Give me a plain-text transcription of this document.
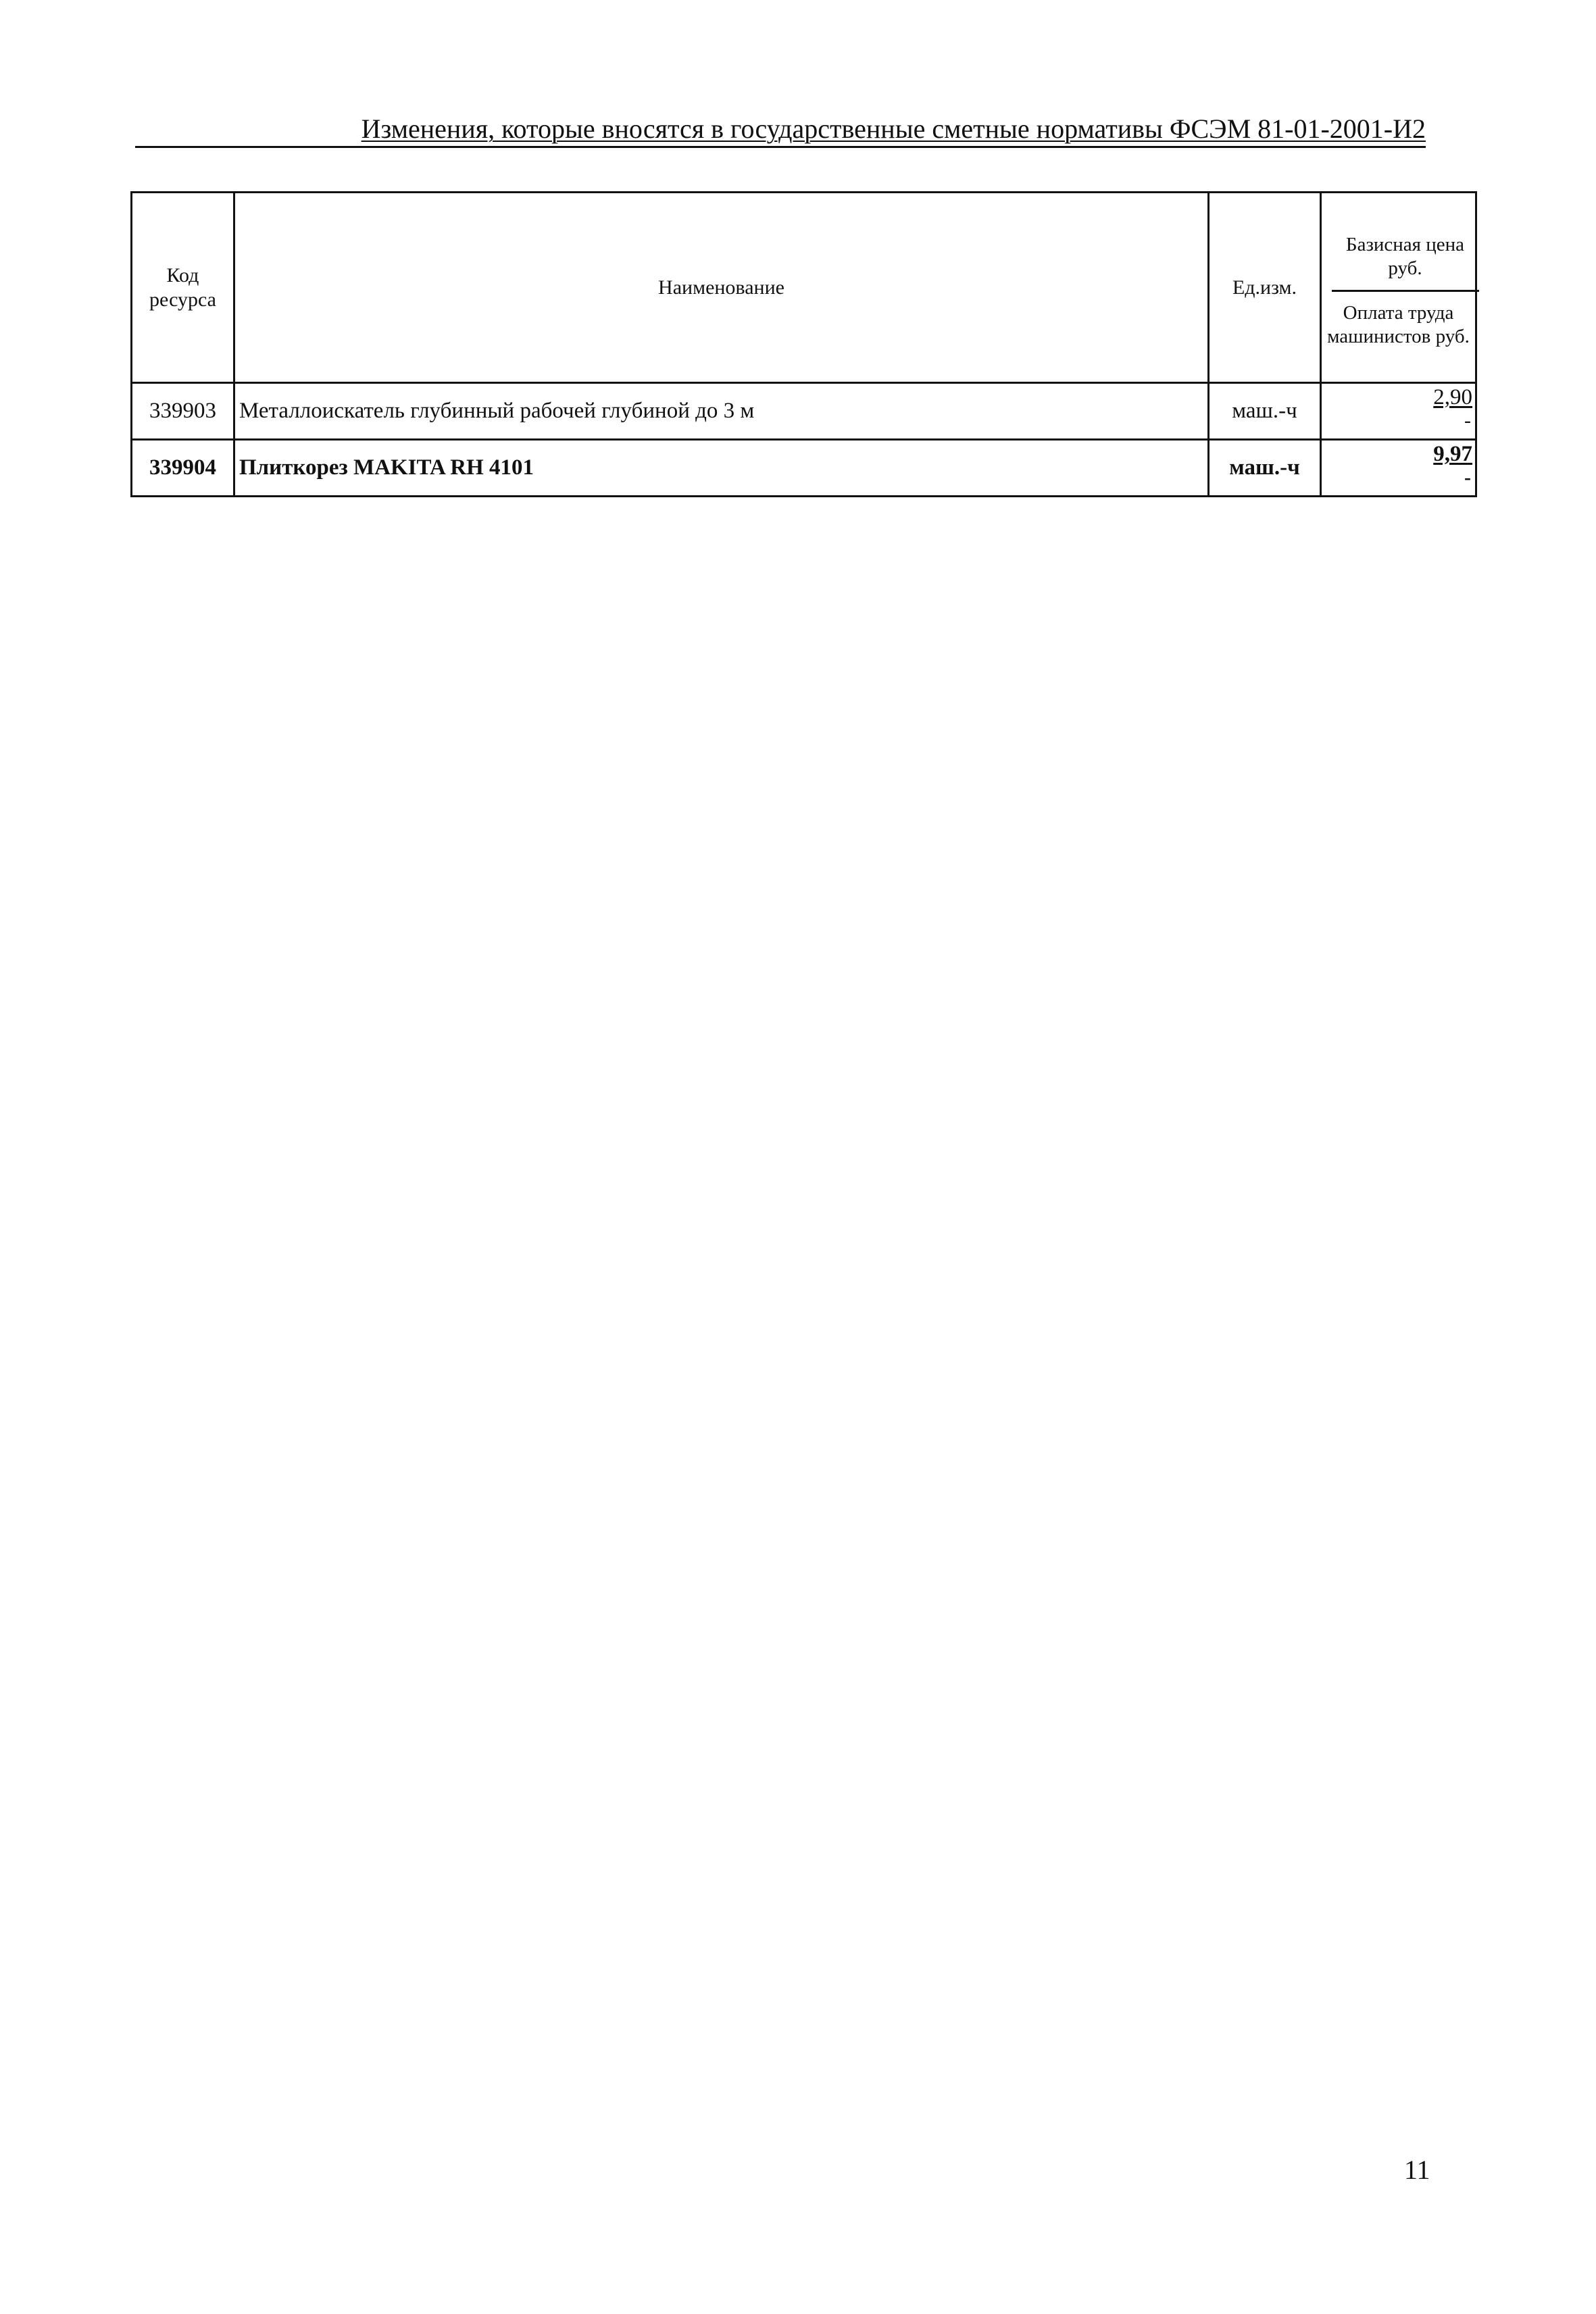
Изменения, которые вносятся в государственные сметные нормативы ФСЭМ 81-01-2001-И2
Код ресурса	Наименование	Ед.изм.	Базисная цена руб.
Оплата труда машинистов руб.

339903	Металлоискатель глубинный рабочей глубиной до 3 м	маш.-ч	2,90
-

339904	Плиткорез MAKITA RH 4101	маш.-ч	9,97
-
11
